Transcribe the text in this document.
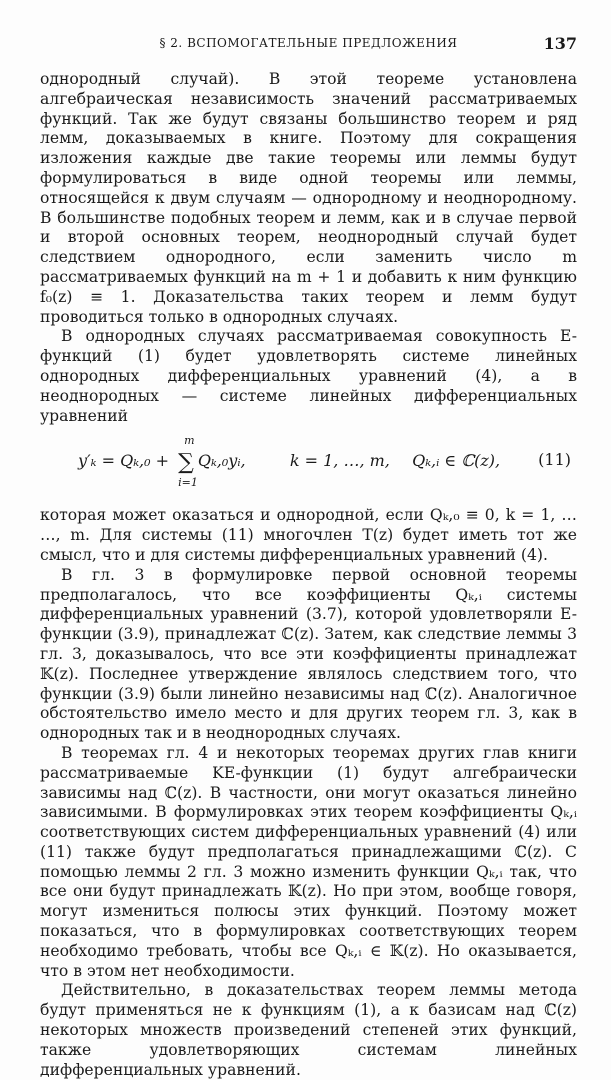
§ 2. ВСПОМОГАТЕЛЬНЫЕ ПРЕДЛОЖЕНИЯ	137

однородный случай). В этой теореме установлена алгебраическая независимость значений рассматриваемых функций. Так же будут связаны большинство теорем и ряд лемм, доказываемых в книге. Поэтому для сокращения изложения каждые две такие теоремы или леммы будут формулироваться в виде одной теоремы или леммы, относящейся к двум случаям — однородному и неоднородному. В большинстве подобных теорем и лемм, как и в случае первой и второй основных теорем, неоднородный случай будет следствием однородного, если заменить число m рассматриваемых функций на m + 1 и добавить к ним функцию f₀(z) ≡ 1. Доказательства таких теорем и лемм будут проводиться только в однородных случаях.

В однородных случаях рассматриваемая совокупность E-функций (1) будет удовлетворять системе линейных однородных дифференциальных уравнений (4), а в неоднородных — системе линейных дифференциальных уравнений

y′ₖ = Qₖ,₀ + ∑
m
i=1
Qₖ,₀yᵢ,	k = 1, …, m, Qₖ,ᵢ ∈ ℂ(z), (11)

которая может оказаться и однородной, если Qₖ,₀ ≡ 0, k = 1, … …, m. Для системы (11) многочлен T(z) будет иметь тот же смысл, что и для системы дифференциальных уравнений (4).

В гл. 3 в формулировке первой основной теоремы предполагалось, что все коэффициенты Qₖ,ᵢ системы дифференциальных уравнений (3.7), которой удовлетворяли E-функции (3.9), принадлежат ℂ(z). Затем, как следствие леммы 3 гл. 3, доказывалось, что все эти коэффициенты принадлежат 𝕂(z). Последнее утверждение являлось следствием того, что функции (3.9) были линейно независимы над ℂ(z). Аналогичное обстоятельство имело место и для других теорем гл. 3, как в однородных так и в неоднородных случаях.

В теоремах гл. 4 и некоторых теоремах других глав книги рассматриваемые KE-функции (1) будут алгебраически зависимы над ℂ(z). В частности, они могут оказаться линейно зависимыми. В формулировках этих теорем коэффициенты Qₖ,ᵢ соответствующих систем дифференциальных уравнений (4) или (11) также будут предполагаться принадлежащими ℂ(z). С помощью леммы 2 гл. 3 можно изменить функции Qₖ,ᵢ так, что все они будут принадлежать 𝕂(z). Но при этом, вообще говоря, могут измениться полюсы этих функций. Поэтому может показаться, что в формулировках соответствующих теорем необходимо требовать, чтобы все Qₖ,ᵢ ∈ 𝕂(z). Но оказывается, что в этом нет необходимости.

Действительно, в доказательствах теорем леммы метода будут применяться не к функциям (1), а к базисам над ℂ(z) некоторых множеств произведений степеней этих функций, также удовлетворяющих системам линейных дифференциальных уравнений.
